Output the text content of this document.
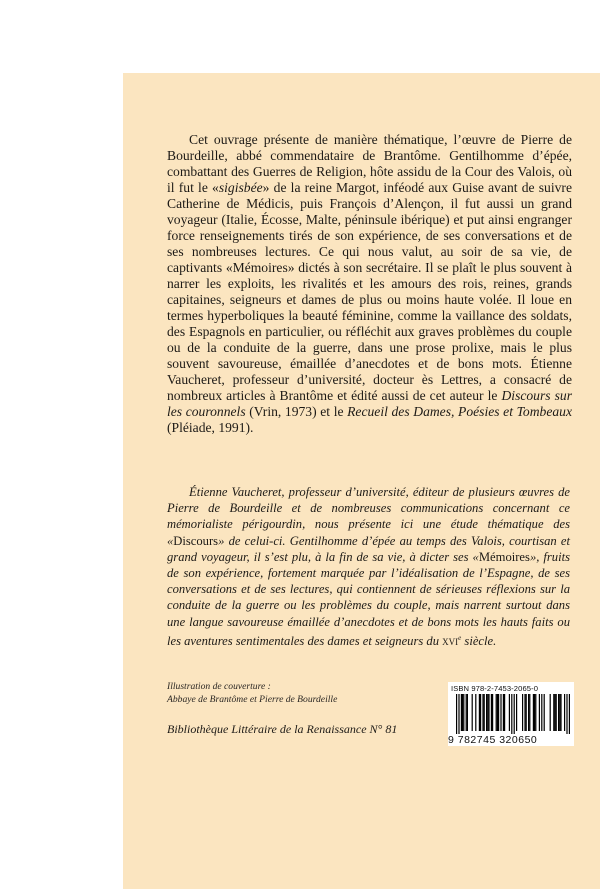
Cet ouvrage présente de manière thématique, l’œuvre de Pierre de Bourdeille, abbé commendataire de Brantôme. Gentilhomme d’épée, combattant des Guerres de Religion, hôte assidu de la Cour des Valois, où il fut le «sigisbée» de la reine Margot, inféodé aux Guise avant de suivre Catherine de Médicis, puis François d’Alençon, il fut aussi un grand voyageur (Italie, Écosse, Malte, péninsule ibérique) et put ainsi engranger force renseignements tirés de son expérience, de ses conversations et de ses nombreuses lectures. Ce qui nous valut, au soir de sa vie, de captivants «Mémoires» dictés à son secrétaire. Il se plaît le plus souvent à narrer les exploits, les rivalités et les amours des rois, reines, grands capitaines, seigneurs et dames de plus ou moins haute volée. Il loue en termes hyperboliques la beauté féminine, comme la vaillance des soldats, des Espagnols en particulier, ou réfléchit aux graves problèmes du couple ou de la conduite de la guerre, dans une prose prolixe, mais le plus souvent savoureuse, émaillée d’anecdotes et de bons mots. Étienne Vaucheret, professeur d’université, docteur ès Lettres, a consacré de nombreux articles à Brantôme et édité aussi de cet auteur le Discours sur les couronnels (Vrin, 1973) et le Recueil des Dames, Poésies et Tombeaux (Pléiade, 1991).

Étienne Vaucheret, professeur d’université, éditeur de plusieurs œuvres de Pierre de Bourdeille et de nombreuses communications concernant ce mémorialiste périgourdin, nous présente ici une étude thématique des «Discours» de celui-ci. Gentilhomme d’épée au temps des Valois, courtisan et grand voyageur, il s’est plu, à la fin de sa vie, à dicter ses «Mémoires», fruits de son expérience, fortement marquée par l’idéalisation de l’Espagne, de ses conversations et de ses lectures, qui contiennent de sérieuses réflexions sur la conduite de la guerre ou les problèmes du couple, mais narrent surtout dans une langue savoureuse émaillée d’anecdotes et de bons mots les hauts faits ou les aventures sentimentales des dames et seigneurs du xvi$^e$ siècle.

Illustration de couverture :
Abbaye de Brantôme et Pierre de Bourdeille
Bibliothèque Littéraire de la Renaissance N° 81
ISBN 978-2-7453-2065-0
9 782745 320650
